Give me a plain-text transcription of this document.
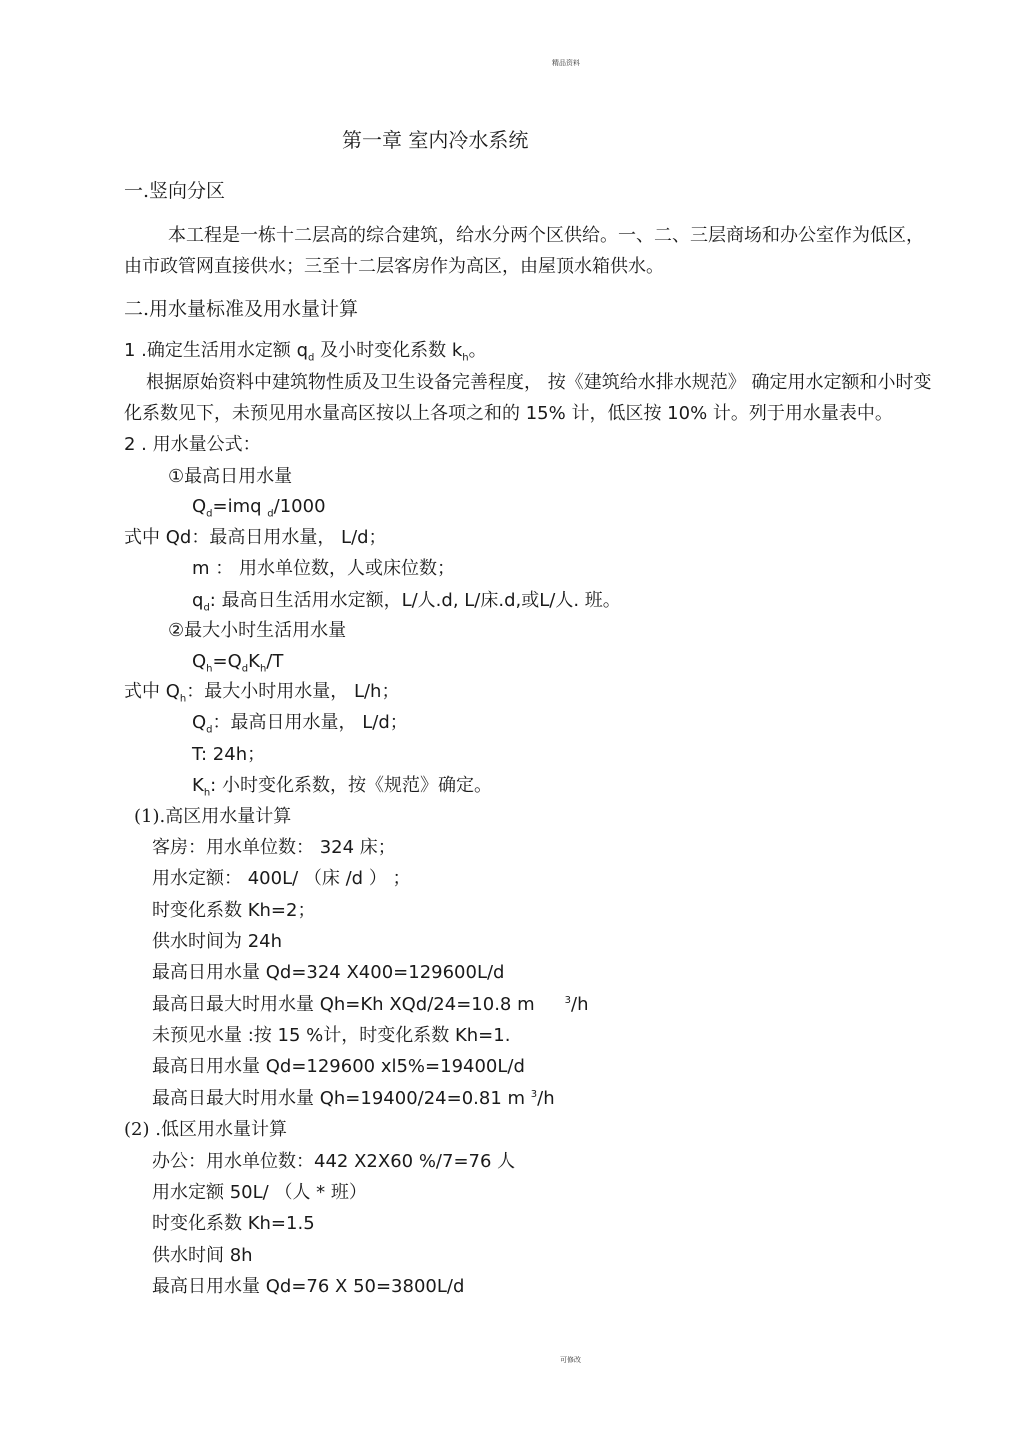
精品资料
第一章 室内冷水系统
一.竖向分区
本工程是一栋十二层高的综合建筑，给水分两个区供给。一、二、三层商场和办公室作为低区，
由市政管网直接供水；三至十二层客房作为高区，由屋顶水箱供水。
二.用水量标准及用水量计算
1 .确定生活用水定额 $q_d$ 及小时变化系数 $k_h$。
根据原始资料中建筑物性质及卫生设备完善程度， 按《建筑给水排水规范》 确定用水定额和小时变
化系数见下，未预见用水量高区按以上各项之和的 15% 计，低区按 10% 计。列于用水量表中。
2 . 用水量公式：
①最高日用水量
$Q_d=imq$ $_d$/1000
式中 Qd：最高日用水量， L/d；
m ： 用水单位数，人或床位数；
$q_d$: 最高日生活用水定额，L/人.d, L/床.d,或L/人. 班。
②最大小时生活用水量
$Q_h=Q_dK_h/T$
式中 $Q_h$：最大小时用水量， L/h；
$Q_d$：最高日用水量， L/d；
T: 24h；
$K_h$: 小时变化系数，按《规范》确定。
(1).高区用水量计算
客房：用水单位数： 324 床；
用水定额： 400L/ （床 /d ） ；
时变化系数 Kh=2；
供水时间为 24h
最高日用水量 Qd=324 X400=129600L/d
最高日最大时用水量 Qh=Kh XQd/24=10.8 m	$^3$/h
未预见水量 :按 15 %计，时变化系数 Kh=1.
最高日用水量 Qd=129600 xl5%=19400L/d
最高日最大时用水量 Qh=19400/24=0.81 m $^3$/h
(2) .低区用水量计算
办公：用水单位数：442 X2X60 %/7=76 人
用水定额 50L/ （人 * 班）
时变化系数 Kh=1.5
供水时间 8h
最高日用水量 Qd=76 X 50=3800L/d
可修改
